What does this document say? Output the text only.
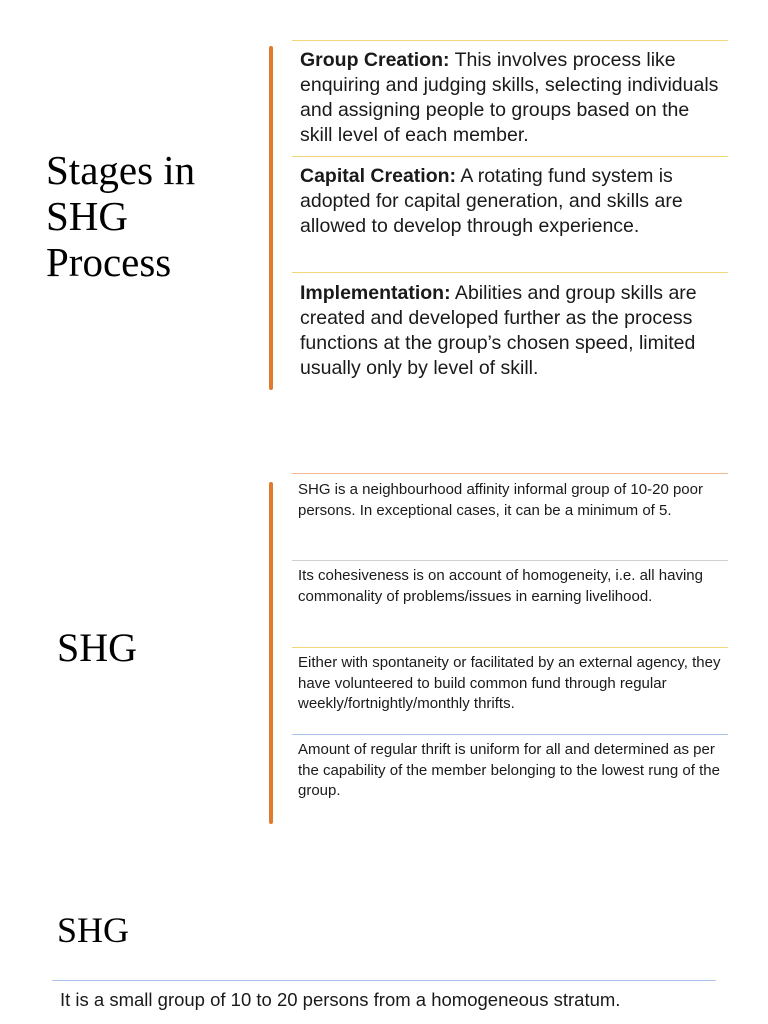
Stages in SHG Process
Group Creation: This involves process like enquiring and judging skills, selecting individuals and assigning people to groups based on the skill level of each member.
Capital Creation: A rotating fund system is adopted for capital generation, and skills are allowed to develop through experience.
Implementation: Abilities and group skills are created and developed further as the process functions at the group’s chosen speed, limited usually only by level of skill.
SHG
SHG is a neighbourhood affinity informal group of 10-20 poor persons. In exceptional cases, it can be a minimum of 5.
Its cohesiveness is on account of homogeneity, i.e. all having commonality of problems/issues in earning livelihood.
Either with spontaneity or facilitated by an external agency, they have volunteered to build common fund through regular weekly/fortnightly/monthly thrifts.
Amount of regular thrift is uniform for all and determined as per the capability of the member belonging to the lowest rung of the group.
SHG
It is a small group of 10 to 20 persons from a homogeneous stratum.
